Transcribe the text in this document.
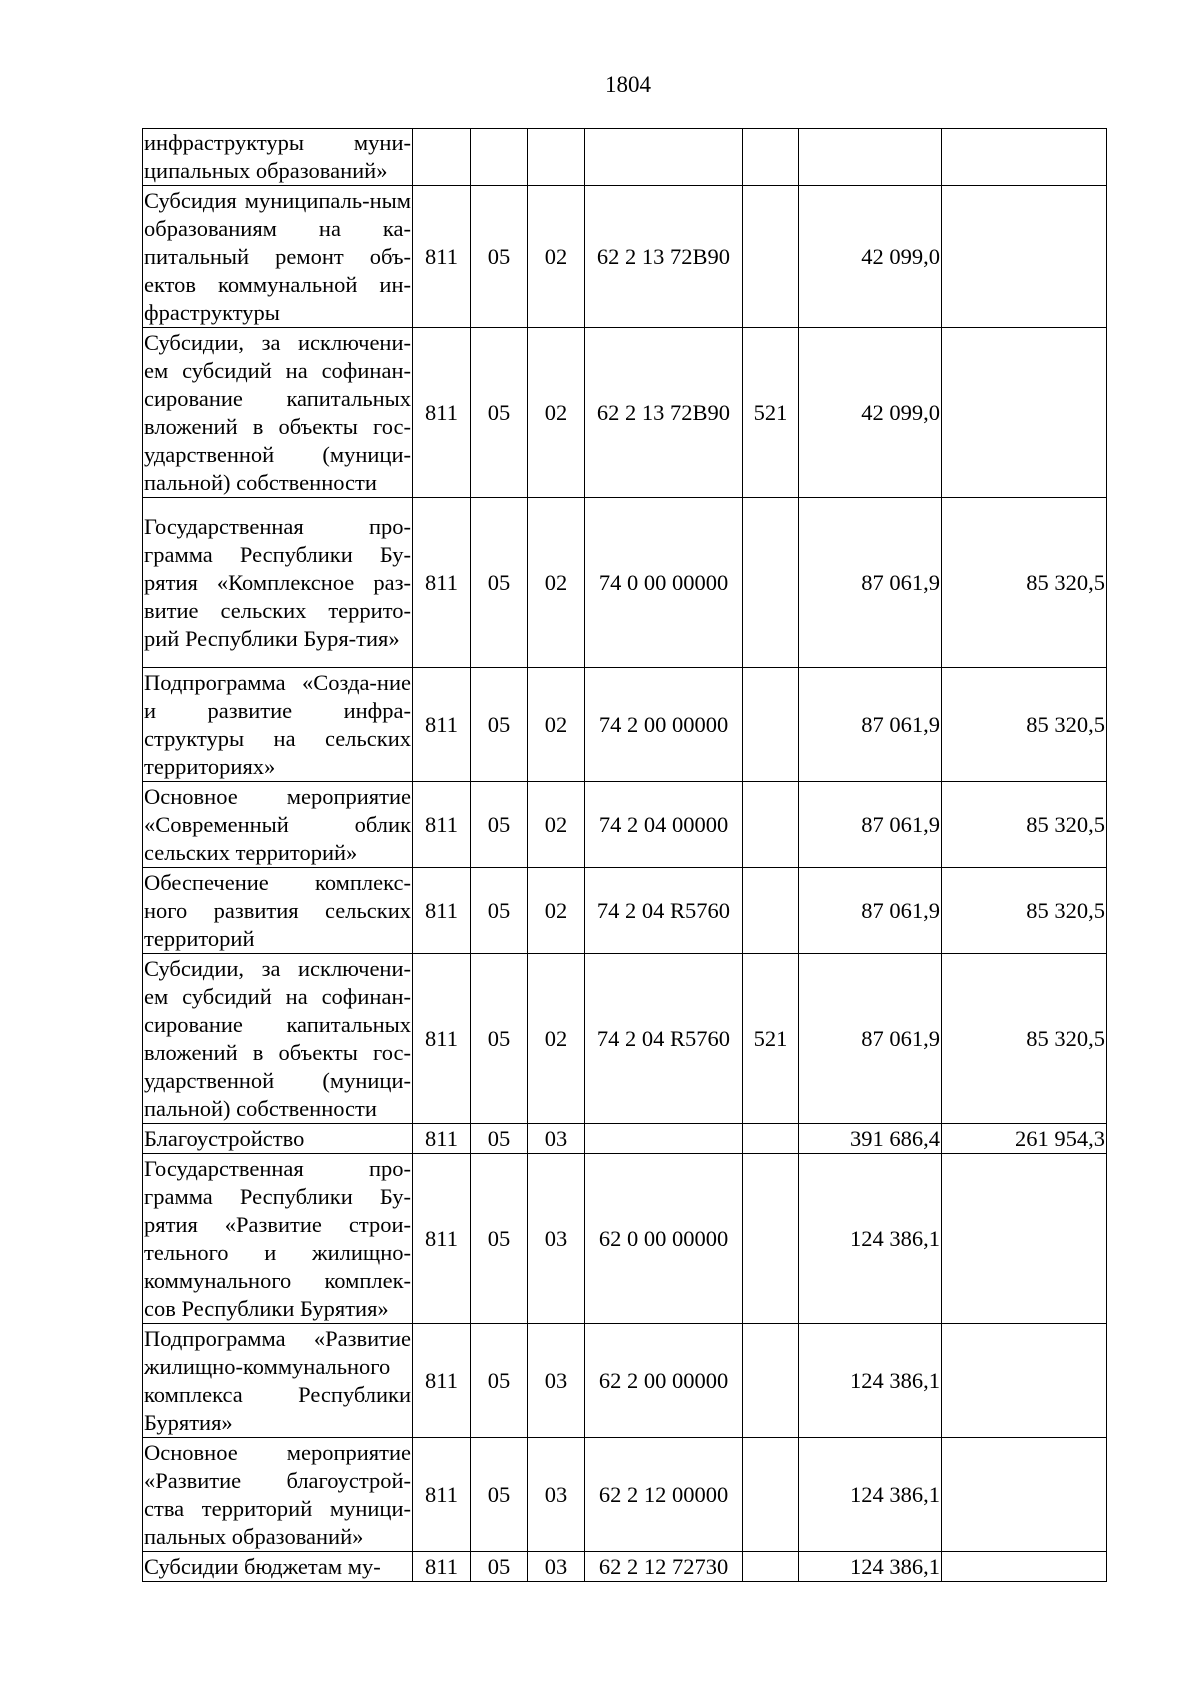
1804
инфраструктуры муни-ципальных образований»							
Субсидия муниципаль-ным образованиям на ка-питальный ремонт объ-ектов коммунальной ин-фраструктуры	811	05	02	62 2 13 72B90		42 099,0	
Субсидии, за исключени-ем субсидий на софинан-сирование капитальных вложений в объекты гос-ударственной (муници-пальной) собственности	811	05	02	62 2 13 72B90	521	42 099,0	
Государственная про-грамма Республики Бу-рятия «Комплексное раз-витие сельских террито-рий Республики Буря-тия»	811	05	02	74 0 00 00000		87 061,9	85 320,5
Подпрограмма «Созда-ние и развитие инфра-структуры на сельских территориях»	811	05	02	74 2 00 00000		87 061,9	85 320,5
Основное мероприятие «Современный облик сельских территорий»	811	05	02	74 2 04 00000		87 061,9	85 320,5
Обеспечение комплекс-ного развития сельских территорий	811	05	02	74 2 04 R5760		87 061,9	85 320,5
Субсидии, за исключени-ем субсидий на софинан-сирование капитальных вложений в объекты гос-ударственной (муници-пальной) собственности	811	05	02	74 2 04 R5760	521	87 061,9	85 320,5
Благоустройство	811	05	03			391 686,4	261 954,3
Государственная про-грамма Республики Бу-рятия «Развитие строи-тельного и жилищно-коммунального комплек-сов Республики Бурятия»	811	05	03	62 0 00 00000		124 386,1	
Подпрограмма «Развитие жилищно-коммунального комплекса Республики Бурятия»	811	05	03	62 2 00 00000		124 386,1	
Основное мероприятие «Развитие благоустрой-ства территорий муници-пальных образований»	811	05	03	62 2 12 00000		124 386,1	
Субсидии бюджетам му-	811	05	03	62 2 12 72730		124 386,1	
